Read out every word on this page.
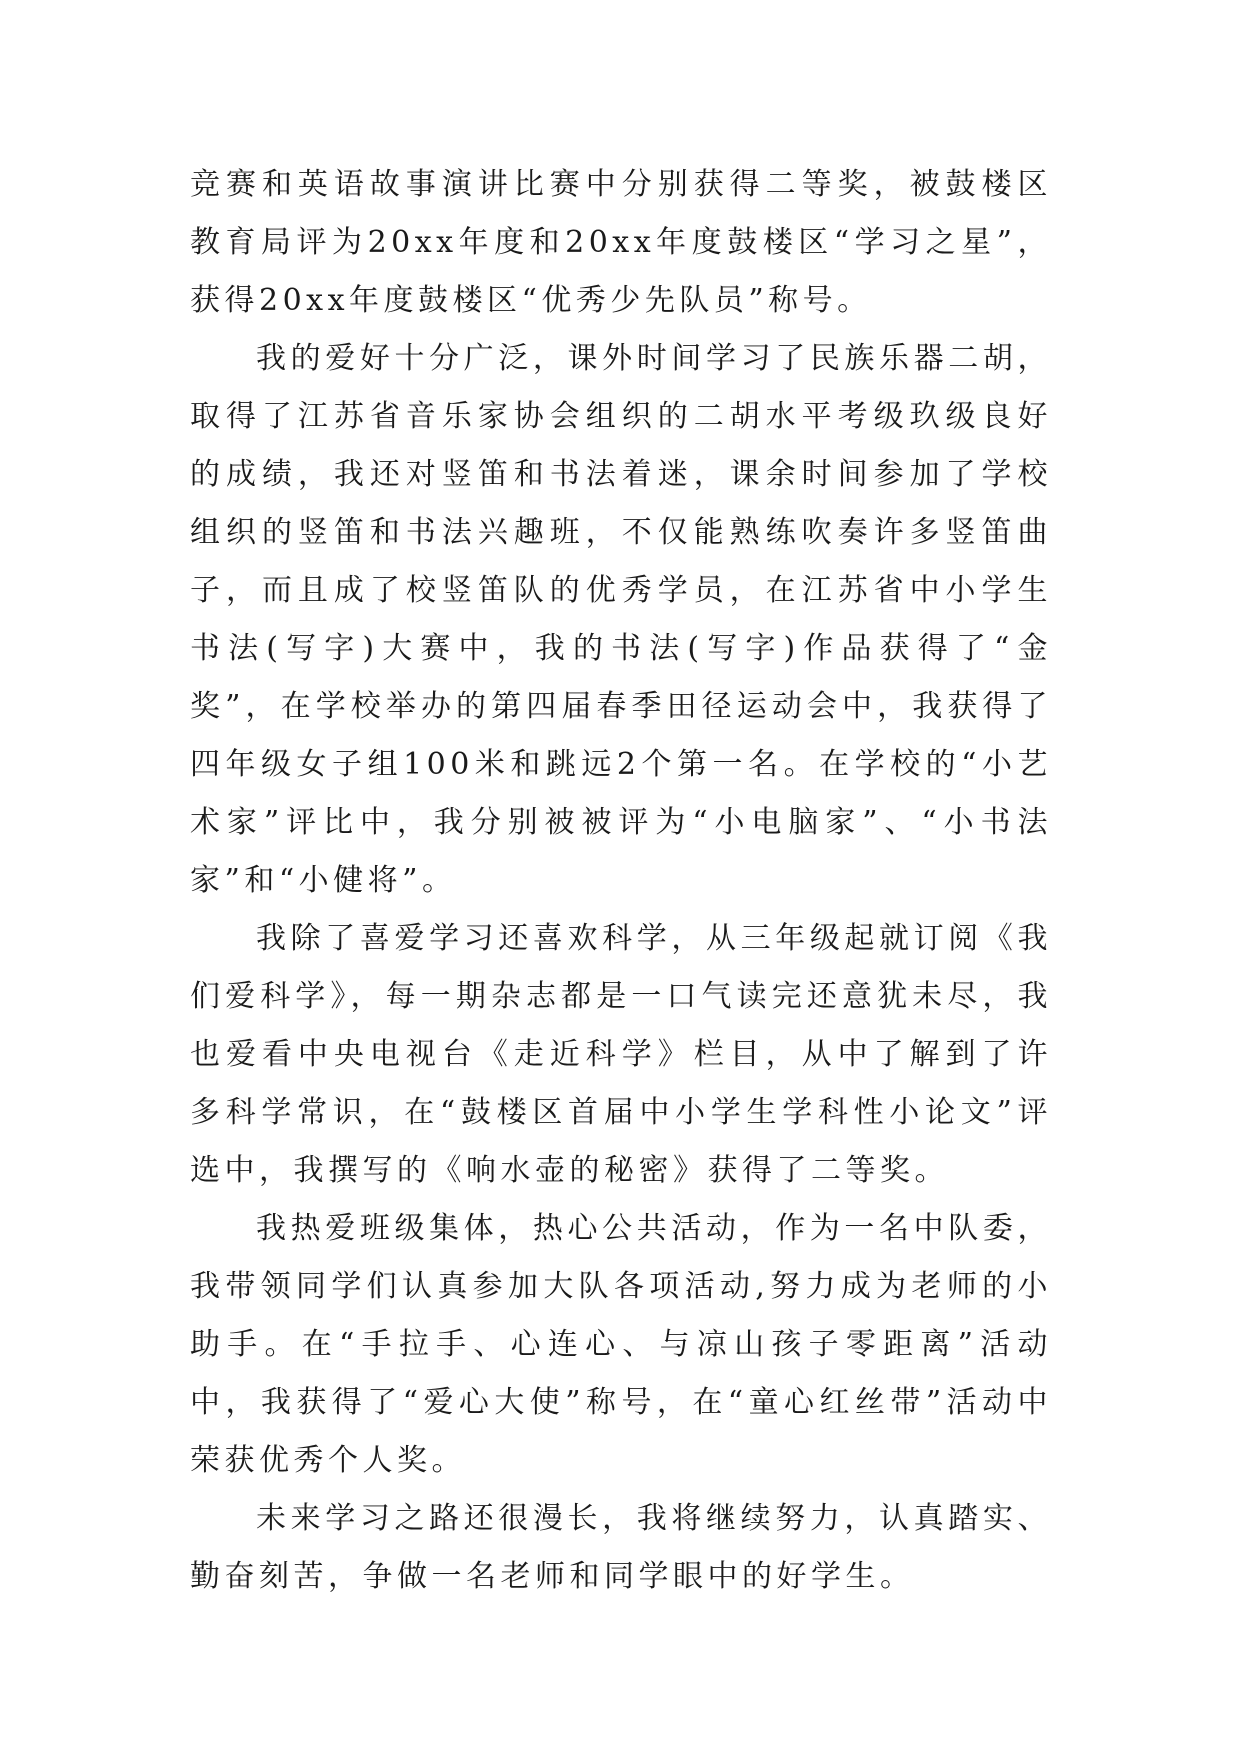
竞赛和英语故事演讲比赛中分别获得二等奖，被鼓楼区教育局评为20xx年度和20xx年度鼓楼区“学习之星”，获得20xx年度鼓楼区“优秀少先队员”称号。

我的爱好十分广泛，课外时间学习了民族乐器二胡，取得了江苏省音乐家协会组织的二胡水平考级玖级良好的成绩，我还对竖笛和书法着迷，课余时间参加了学校组织的竖笛和书法兴趣班，不仅能熟练吹奏许多竖笛曲子，而且成了校竖笛队的优秀学员，在江苏省中小学生书法(写字)大赛中，我的书法(写字)作品获得了“金奖”，在学校举办的第四届春季田径运动会中，我获得了四年级女子组100米和跳远2个第一名。在学校的“小艺术家”评比中，我分别被被评为“小电脑家”、“小书法家”和“小健将”。

我除了喜爱学习还喜欢科学，从三年级起就订阅《我们爱科学》，每一期杂志都是一口气读完还意犹未尽，我也爱看中央电视台《走近科学》栏目，从中了解到了许多科学常识，在“鼓楼区首届中小学生学科性小论文”评选中，我撰写的《响水壶的秘密》获得了二等奖。

我热爱班级集体，热心公共活动，作为一名中队委，我带领同学们认真参加大队各项活动,努力成为老师的小助手。在“手拉手、心连心、与凉山孩子零距离”活动中，我获得了“爱心大使”称号，在“童心红丝带”活动中荣获优秀个人奖。

未来学习之路还很漫长，我将继续努力，认真踏实、勤奋刻苦，争做一名老师和同学眼中的好学生。
